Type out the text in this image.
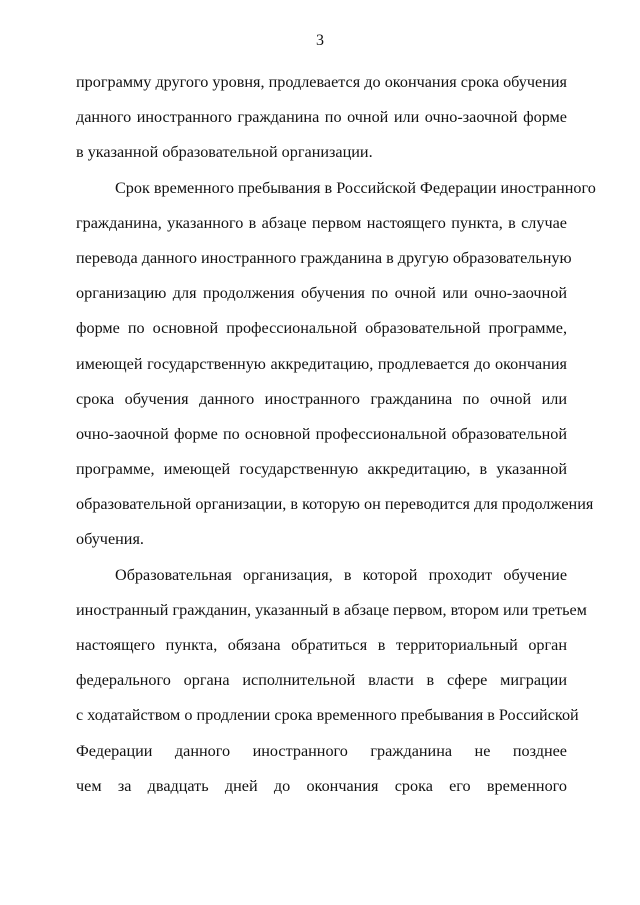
3
программу другого уровня, продлевается до окончания срока обучения
данного иностранного гражданина по очной или очно-заочной форме
в указанной образовательной организации.
Срок временного пребывания в Российской Федерации иностранного
гражданина, указанного в абзаце первом настоящего пункта, в случае
перевода данного иностранного гражданина в другую образовательную
организацию для продолжения обучения по очной или очно-заочной
форме по основной профессиональной образовательной программе,
имеющей государственную аккредитацию, продлевается до окончания
срока обучения данного иностранного гражданина по очной или
очно-заочной форме по основной профессиональной образовательной
программе, имеющей государственную аккредитацию, в указанной
образовательной организации, в которую он переводится для продолжения
обучения.
Образовательная организация, в которой проходит обучение
иностранный гражданин, указанный в абзаце первом, втором или третьем
настоящего пункта, обязана обратиться в территориальный орган
федерального органа исполнительной власти в сфере миграции
с ходатайством о продлении срока временного пребывания в Российской
Федерации данного иностранного гражданина не позднее
чем за двадцать дней до окончания срока его временного
